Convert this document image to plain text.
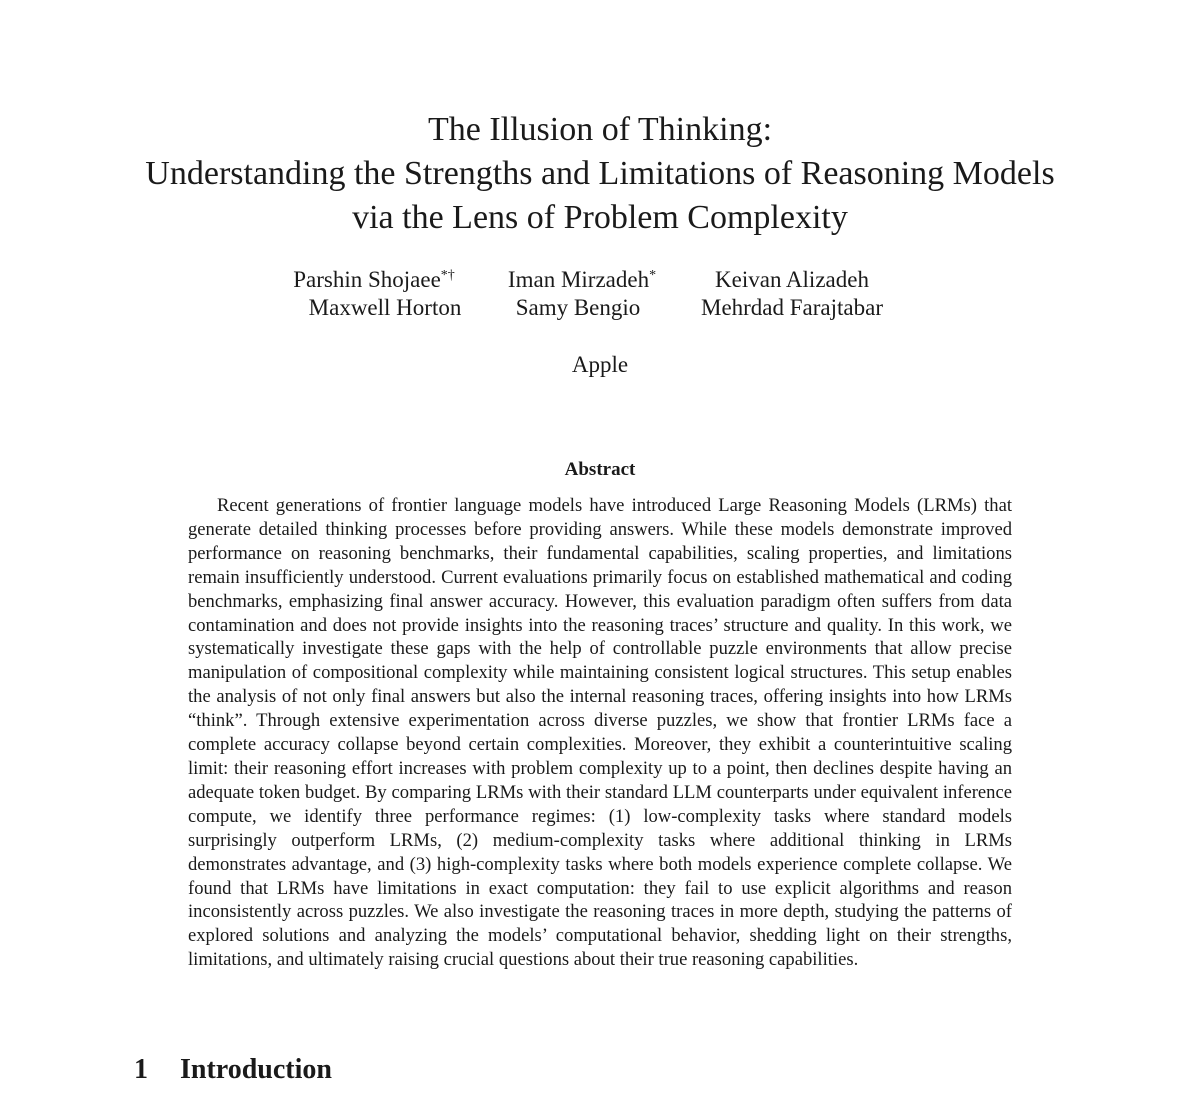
The Illusion of Thinking:
Understanding the Strengths and Limitations of Reasoning Models
via the Lens of Problem Complexity
Parshin Shojaee*† Iman Mirzadeh*	Keivan Alizadeh
Maxwell Horton Samy Bengio	Mehrdad Farajtabar
Apple
Abstract

Recent generations of frontier language models have introduced Large Reasoning Models (LRMs) that generate detailed thinking processes before providing answers. While these models demonstrate improved performance on reasoning benchmarks, their fundamental capabilities, scaling properties, and limitations remain insufficiently understood. Current evaluations primarily focus on established mathematical and coding benchmarks, emphasizing final answer accuracy. However, this evaluation paradigm often suffers from data contamination and does not provide insights into the reasoning traces’ structure and quality. In this work, we systematically investigate these gaps with the help of controllable puzzle environments that allow precise manipulation of compositional complexity while maintaining consistent logical structures. This setup enables the analysis of not only final answers but also the internal reasoning traces, offering insights into how LRMs “think”. Through extensive experimentation across diverse puzzles, we show that frontier LRMs face a complete accuracy collapse beyond certain complexities. Moreover, they exhibit a counterintuitive scaling limit: their reasoning effort increases with problem complexity up to a point, then declines despite having an adequate token budget. By comparing LRMs with their standard LLM counterparts under equivalent inference compute, we identify three performance regimes: (1) low-complexity tasks where standard models surprisingly outperform LRMs, (2) medium-complexity tasks where additional thinking in LRMs demonstrates advantage, and (3) high-complexity tasks where both models experience complete collapse. We found that LRMs have limitations in exact computation: they fail to use explicit algorithms and reason inconsistently across puzzles. We also investigate the reasoning traces in more depth, studying the patterns of explored solutions and analyzing the models’ computational behavior, shedding light on their strengths, limitations, and ultimately raising crucial questions about their true reasoning capabilities.

1 Introduction
